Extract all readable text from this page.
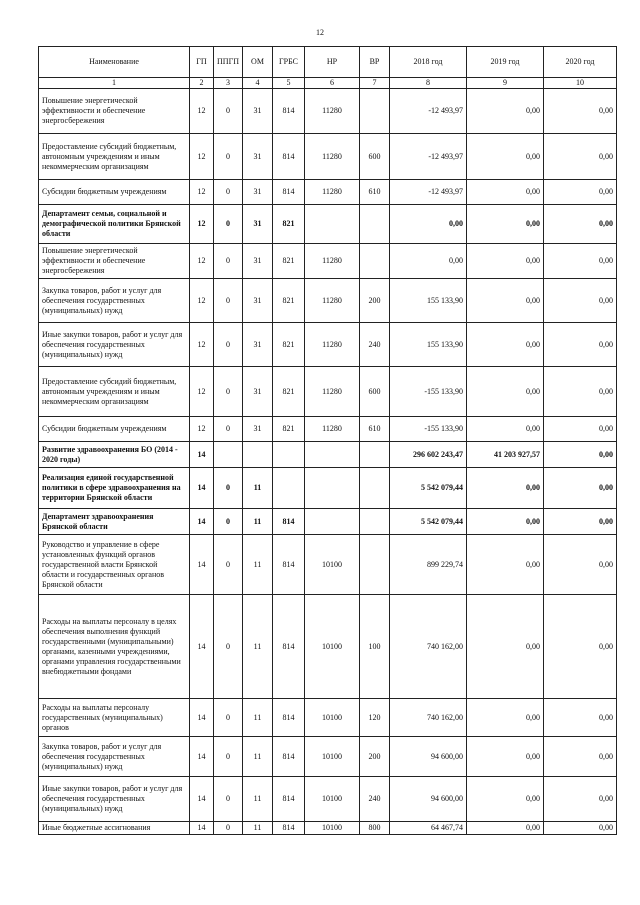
12
Наименование	ГП	ППГП	ОМ	ГРБС	НР	ВР	2018 год	2019 год	2020 год
1	2	3	4	5	6	7	8	9	10
Повышение энергетической эффективности и обеспечение энергосбережения	12	0	31	814	11280		-12 493,97	0,00	0,00
Предоставление субсидий бюджетным, автономным учреждениям и иным некоммерческим организациям	12	0	31	814	11280	600	-12 493,97	0,00	0,00
Субсидии бюджетным учреждениям	12	0	31	814	11280	610	-12 493,97	0,00	0,00
Департамент семьи, социальной и демографической политики Брянской области	12	0	31	821			0,00	0,00	0,00
Повышение энергетической эффективности и обеспечение энергосбережения	12	0	31	821	11280		0,00	0,00	0,00
Закупка товаров, работ и услуг для обеспечения государственных (муниципальных) нужд	12	0	31	821	11280	200	155 133,90	0,00	0,00
Иные закупки товаров, работ и услуг для обеспечения государственных (муниципальных) нужд	12	0	31	821	11280	240	155 133,90	0,00	0,00
Предоставление субсидий бюджетным, автономным учреждениям и иным некоммерческим организациям	12	0	31	821	11280	600	-155 133,90	0,00	0,00
Субсидии бюджетным учреждениям	12	0	31	821	11280	610	-155 133,90	0,00	0,00
Развитие здравоохранения БО (2014 - 2020 годы)	14						296 602 243,47	41 203 927,57	0,00
Реализация единой государственной политики в сфере здравоохранения на территории Брянской области	14	0	11				5 542 079,44	0,00	0,00
Департамент здравоохранения Брянской области	14	0	11	814			5 542 079,44	0,00	0,00
Руководство и управление в сфере установленных функций органов государственной власти Брянской области и государственных органов Брянской области	14	0	11	814	10100		899 229,74	0,00	0,00
Расходы на выплаты персоналу в целях обеспечения выполнения функций государственными (муниципальными) органами, казенными учреждениями, органами управления государственными внебюджетными фондами	14	0	11	814	10100	100	740 162,00	0,00	0,00
Расходы на выплаты персоналу государственных (муниципальных) органов	14	0	11	814	10100	120	740 162,00	0,00	0,00
Закупка товаров, работ и услуг для обеспечения государственных (муниципальных) нужд	14	0	11	814	10100	200	94 600,00	0,00	0,00
Иные закупки товаров, работ и услуг для обеспечения государственных (муниципальных) нужд	14	0	11	814	10100	240	94 600,00	0,00	0,00
Иные бюджетные ассигнования	14	0	11	814	10100	800	64 467,74	0,00	0,00
